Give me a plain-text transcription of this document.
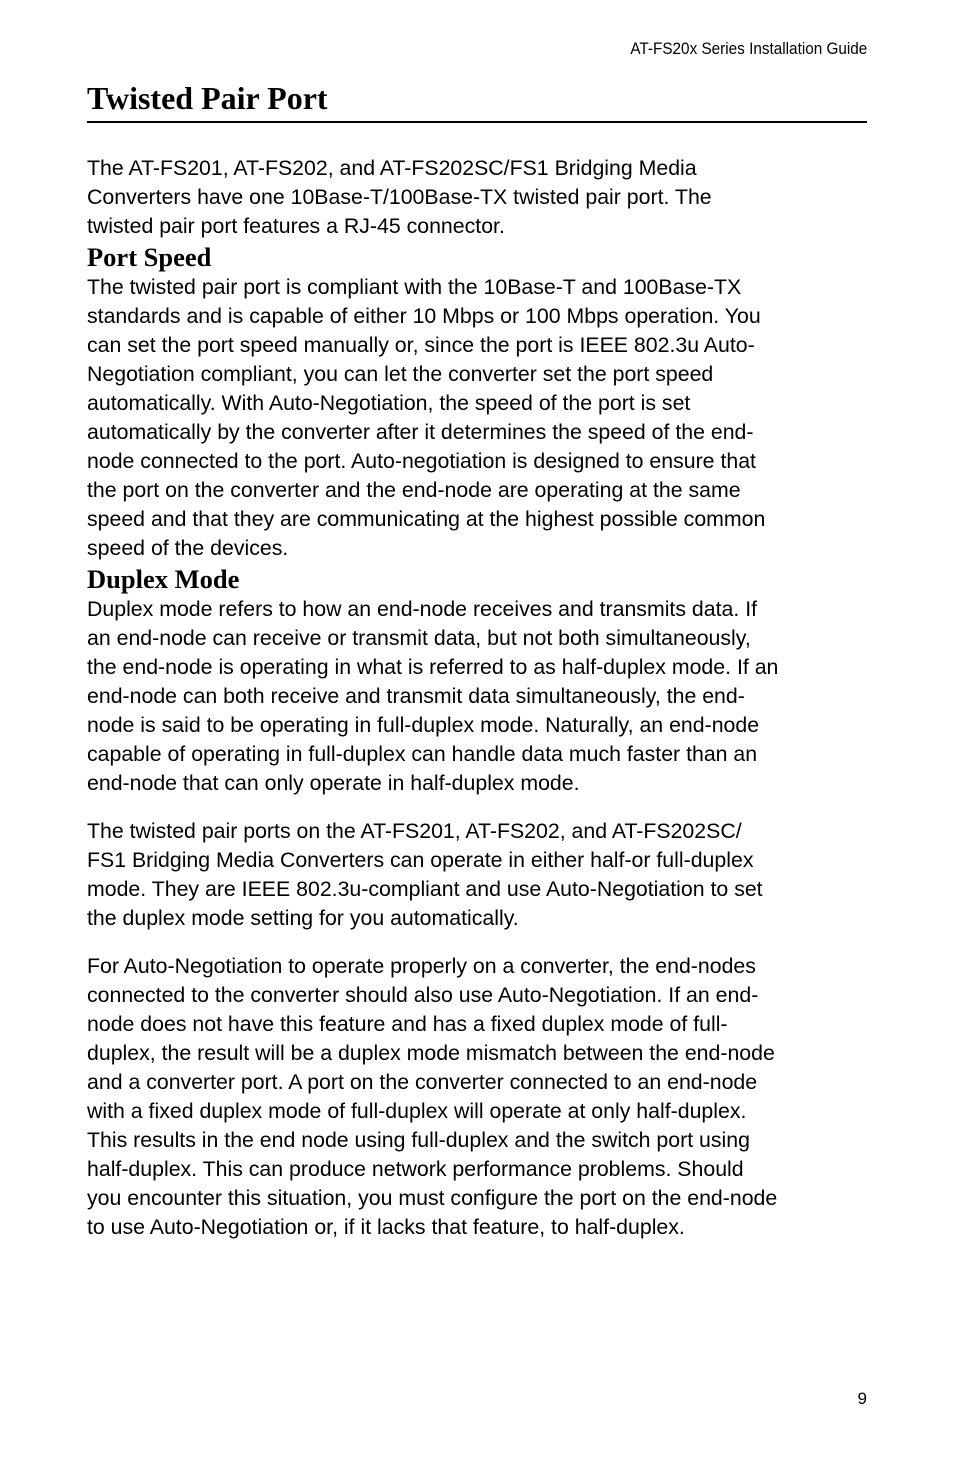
AT-FS20x Series Installation Guide
Twisted Pair Port

The AT-FS201, AT-FS202, and AT-FS202SC/FS1 Bridging Media
Converters have one 10Base-T/100Base-TX twisted pair port. The
twisted pair port features a RJ-45 connector.

Port Speed

The twisted pair port is compliant with the 10Base-T and 100Base-TX
standards and is capable of either 10 Mbps or 100 Mbps operation. You
can set the port speed manually or, since the port is IEEE 802.3u Auto-
Negotiation compliant, you can let the converter set the port speed
automatically. With Auto-Negotiation, the speed of the port is set
automatically by the converter after it determines the speed of the end-
node connected to the port. Auto-negotiation is designed to ensure that
the port on the converter and the end-node are operating at the same
speed and that they are communicating at the highest possible common
speed of the devices.

Duplex Mode

Duplex mode refers to how an end-node receives and transmits data. If
an end-node can receive or transmit data, but not both simultaneously,
the end-node is operating in what is referred to as half-duplex mode. If an
end-node can both receive and transmit data simultaneously, the end-
node is said to be operating in full-duplex mode. Naturally, an end-node
capable of operating in full-duplex can handle data much faster than an
end-node that can only operate in half-duplex mode.

The twisted pair ports on the AT-FS201, AT-FS202, and AT-FS202SC/
FS1 Bridging Media Converters can operate in either half-or full-duplex
mode. They are IEEE 802.3u-compliant and use Auto-Negotiation to set
the duplex mode setting for you automatically.

For Auto-Negotiation to operate properly on a converter, the end-nodes
connected to the converter should also use Auto-Negotiation. If an end-
node does not have this feature and has a fixed duplex mode of full-
duplex, the result will be a duplex mode mismatch between the end-node
and a converter port. A port on the converter connected to an end-node
with a fixed duplex mode of full-duplex will operate at only half-duplex.
This results in the end node using full-duplex and the switch port using
half-duplex. This can produce network performance problems. Should
you encounter this situation, you must configure the port on the end-node
to use Auto-Negotiation or, if it lacks that feature, to half-duplex.

9
